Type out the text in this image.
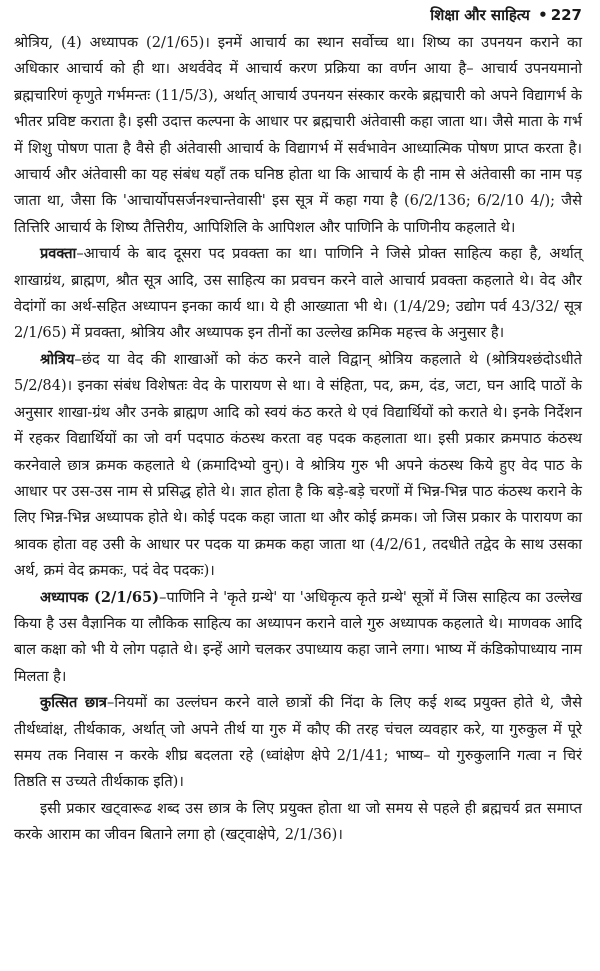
शिक्षा और साहित्य • 227

श्रोत्रिय, (4) अध्यापक (2/1/65)। इनमें आचार्य का स्थान सर्वोच्च था। शिष्य का उपनयन कराने का अधिकार आचार्य को ही था। अथर्ववेद में आचार्य करण प्रक्रिया का वर्णन आया है– आचार्य उपनयमानो ब्रह्मचारिणं कृणुते गर्भमन्तः (11/5/3), अर्थात् आचार्य उपनयन संस्कार करके ब्रह्मचारी को अपने विद्यागर्भ के भीतर प्रविष्ट कराता है। इसी उदात्त कल्पना के आधार पर ब्रह्मचारी अंतेवासी कहा जाता था। जैसे माता के गर्भ में शिशु पोषण पाता है वैसे ही अंतेवासी आचार्य के विद्यागर्भ में सर्वभावेन आध्यात्मिक पोषण प्राप्त करता है। आचार्य और अंतेवासी का यह संबंध यहाँ तक घनिष्ठ होता था कि आचार्य के ही नाम से अंतेवासी का नाम पड़ जाता था, जैसा कि 'आचार्योपसर्जनश्चान्तेवासी' इस सूत्र में कहा गया है (6/2/136; 6/2/10 4/); जैसे तित्तिरि आचार्य के शिष्य तैत्तिरीय, आपिशिलि के आपिशल और पाणिनि के पाणिनीय कहलाते थे।

प्रवक्ता–आचार्य के बाद दूसरा पद प्रवक्ता का था। पाणिनि ने जिसे प्रोक्त साहित्य कहा है, अर्थात् शाखाग्रंथ, ब्राह्मण, श्रौत सूत्र आदि, उस साहित्य का प्रवचन करने वाले आचार्य प्रवक्ता कहलाते थे। वेद और वेदांगों का अर्थ-सहित अध्यापन इनका कार्य था। ये ही आख्याता भी थे। (1/4/29; उद्योग पर्व 43/32/ सूत्र 2/1/65) में प्रवक्ता, श्रोत्रिय और अध्यापक इन तीनों का उल्लेख क्रमिक महत्त्व के अनुसार है।

श्रोत्रिय–छंद या वेद की शाखाओं को कंठ करने वाले विद्वान् श्रोत्रिय कहलाते थे (श्रोत्रियश्छंदोऽधीते 5/2/84)। इनका संबंध विशेषतः वेद के पारायण से था। वे संहिता, पद, क्रम, दंड, जटा, घन आदि पाठों के अनुसार शाखा-ग्रंथ और उनके ब्राह्मण आदि को स्वयं कंठ करते थे एवं विद्यार्थियों को कराते थे। इनके निर्देशन में रहकर विद्यार्थियों का जो वर्ग पदपाठ कंठस्थ करता वह पदक कहलाता था। इसी प्रकार क्रमपाठ कंठस्थ करनेवाले छात्र क्रमक कहलाते थे (क्रमादिभ्यो वुन्)। वे श्रोत्रिय गुरु भी अपने कंठस्थ किये हुए वेद पाठ के आधार पर उस-उस नाम से प्रसिद्ध होते थे। ज्ञात होता है कि बड़े-बड़े चरणों में भिन्न-भिन्न पाठ कंठस्थ कराने के लिए भिन्न-भिन्न अध्यापक होते थे। कोई पदक कहा जाता था और कोई क्रमक। जो जिस प्रकार के पारायण का श्रावक होता वह उसी के आधार पर पदक या क्रमक कहा जाता था (4/2/61, तदधीते तद्वेद के साथ उसका अर्थ, क्रमं वेद क्रमकः, पदं वेद पदकः)।

अध्यापक (2/1/65)–पाणिनि ने 'कृते ग्रन्थे' या 'अधिकृत्य कृते ग्रन्थे' सूत्रों में जिस साहित्य का उल्लेख किया है उस वैज्ञानिक या लौकिक साहित्य का अध्यापन कराने वाले गुरु अध्यापक कहलाते थे। माणवक आदि बाल कक्षा को भी ये लोग पढ़ाते थे। इन्हें आगे चलकर उपाध्याय कहा जाने लगा। भाष्य में कंडिकोपाध्याय नाम मिलता है।

कुत्सित छात्र–नियमों का उल्लंघन करने वाले छात्रों की निंदा के लिए कई शब्द प्रयुक्त होते थे, जैसे तीर्थध्वांक्ष, तीर्थकाक, अर्थात् जो अपने तीर्थ या गुरु में कौए की तरह चंचल व्यवहार करे, या गुरुकुल में पूरे समय तक निवास न करके शीघ्र बदलता रहे (ध्वांक्षेण क्षेपे 2/1/41; भाष्य– यो गुरुकुलानि गत्वा न चिरं तिष्ठति स उच्यते तीर्थकाक इति)।

इसी प्रकार खट्वारूढ शब्द उस छात्र के लिए प्रयुक्त होता था जो समय से पहले ही ब्रह्मचर्य व्रत समाप्त करके आराम का जीवन बिताने लगा हो (खट्वाक्षेपे, 2/1/36)।
